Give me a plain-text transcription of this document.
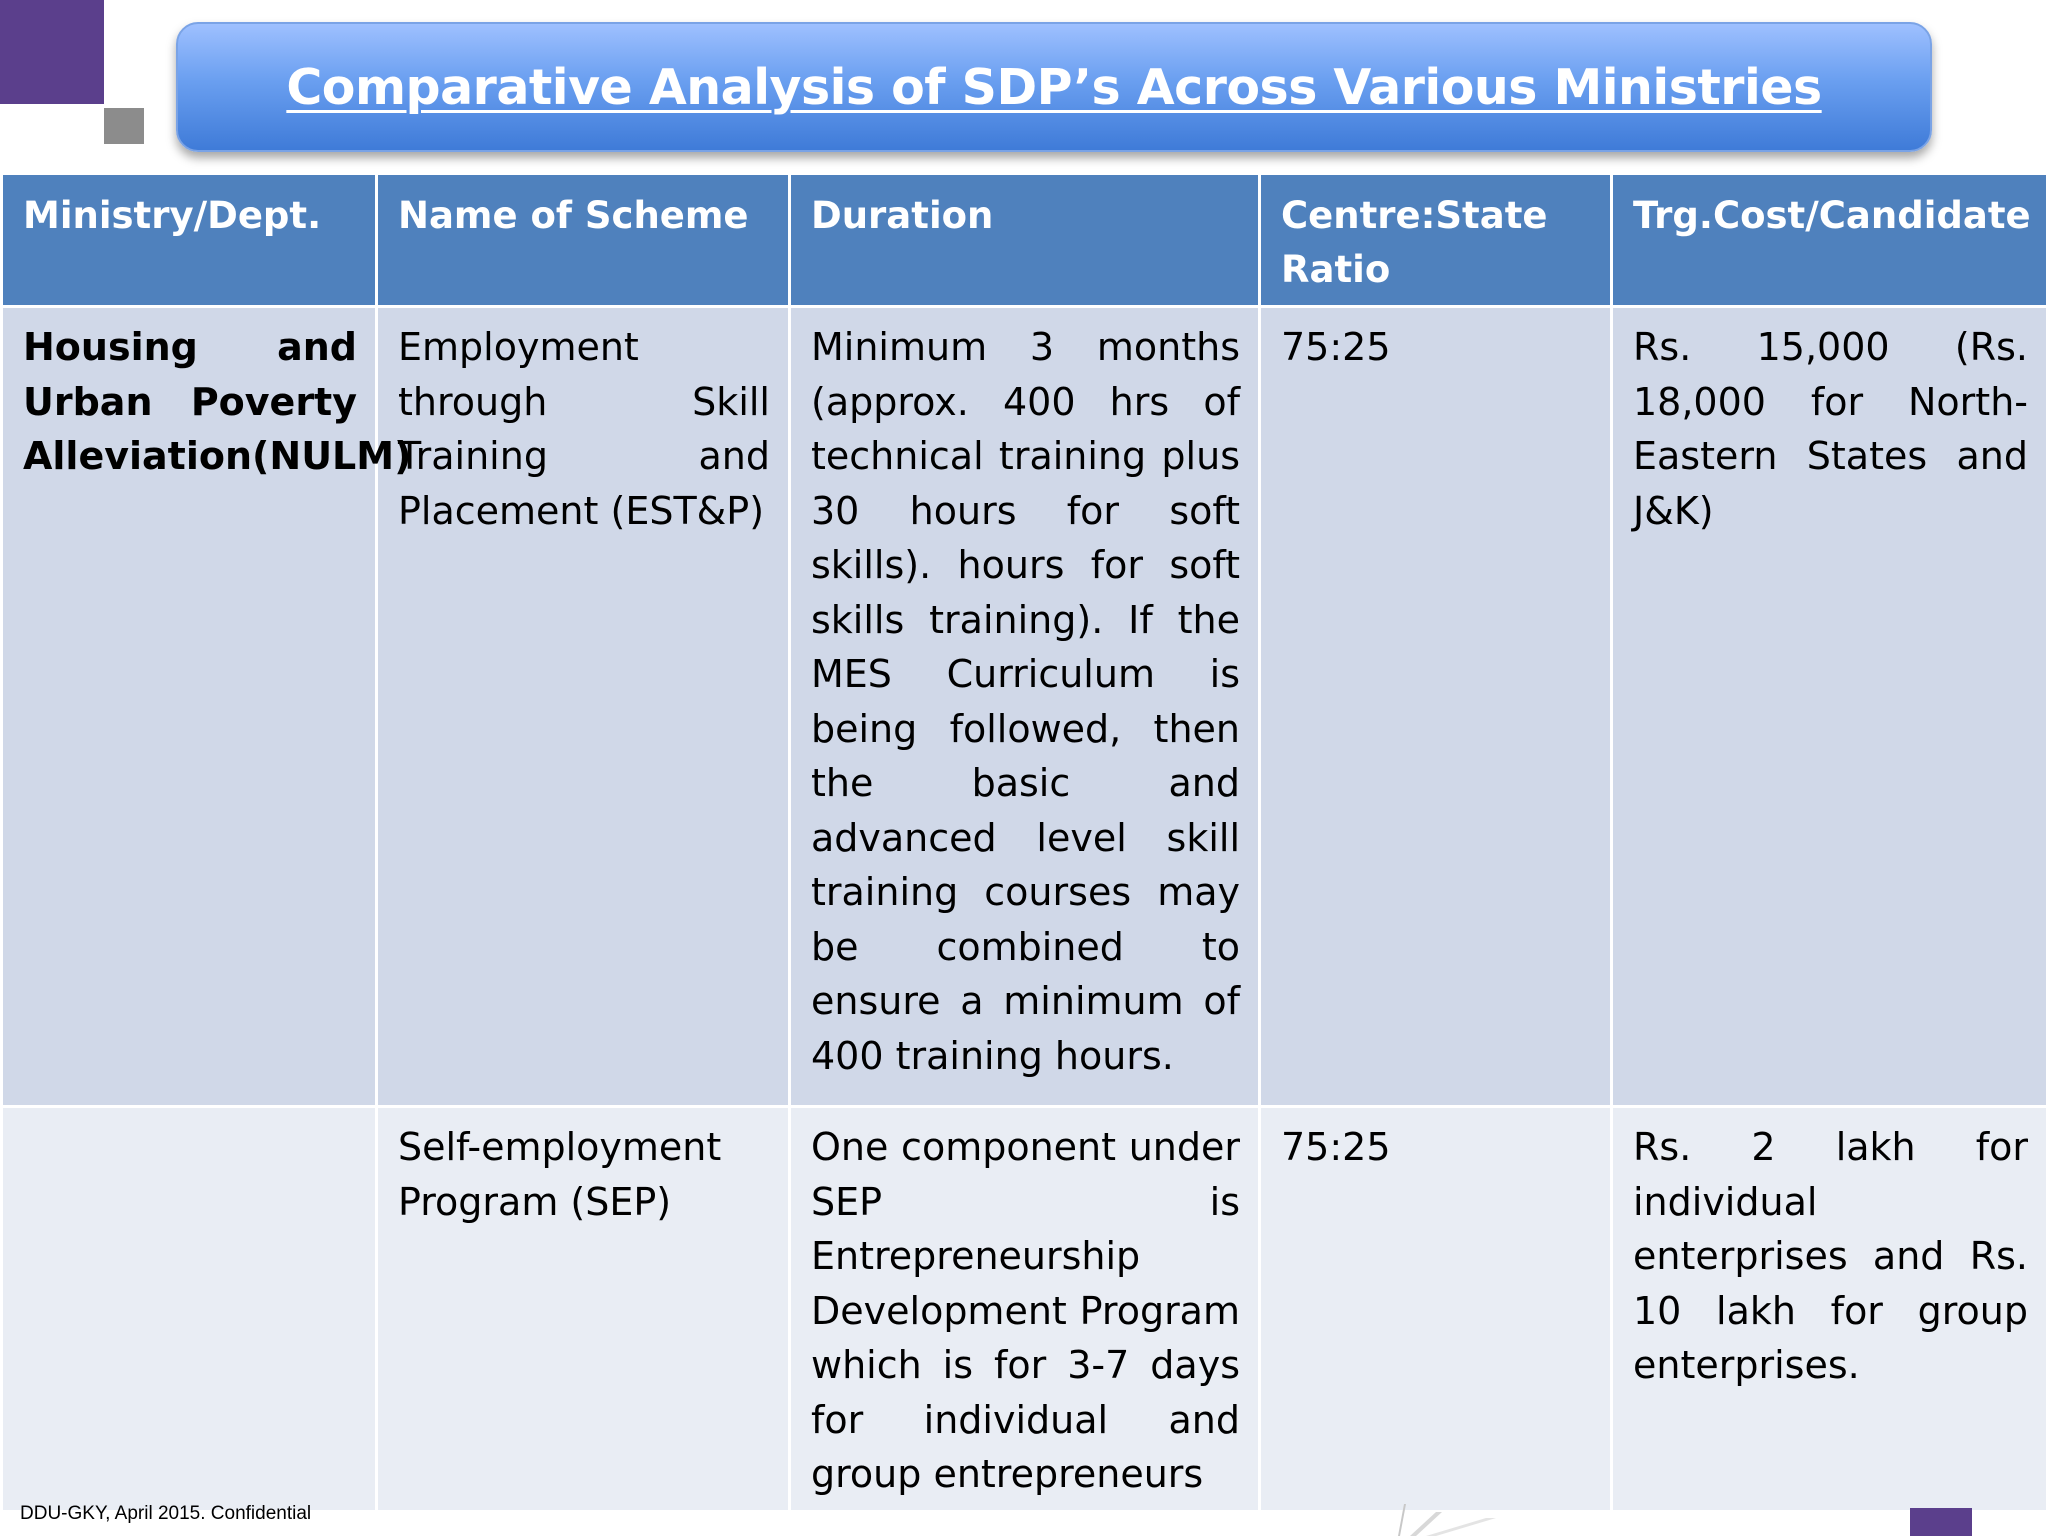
Comparative Analysis of SDP’s Across Various Ministries
Ministry/Dept.	Name of Scheme	Duration	Centre:State Ratio	Trg.Cost/Candidate
Housing and Urban Poverty Alleviation(NULM)	Employment through Skill Training and Placement (EST&P)	Minimum 3 months (approx. 400 hrs of technical training plus 30 hours for soft skills). hours for soft skills training). If the MES Curriculum is being followed, then the basic and advanced level skill training courses may be combined to ensure a minimum of 400 training hours.	75:25	Rs. 15,000 (Rs. 18,000 for North-Eastern States and J&K)
	Self-employment Program (SEP)	One component under SEP is Entrepreneurship Development Program which is for 3-7 days for individual and group entrepreneurs	75:25	Rs. 2 lakh for individual enterprises and Rs. 10 lakh for group enterprises.
DDU-GKY, April 2015. Confidential
